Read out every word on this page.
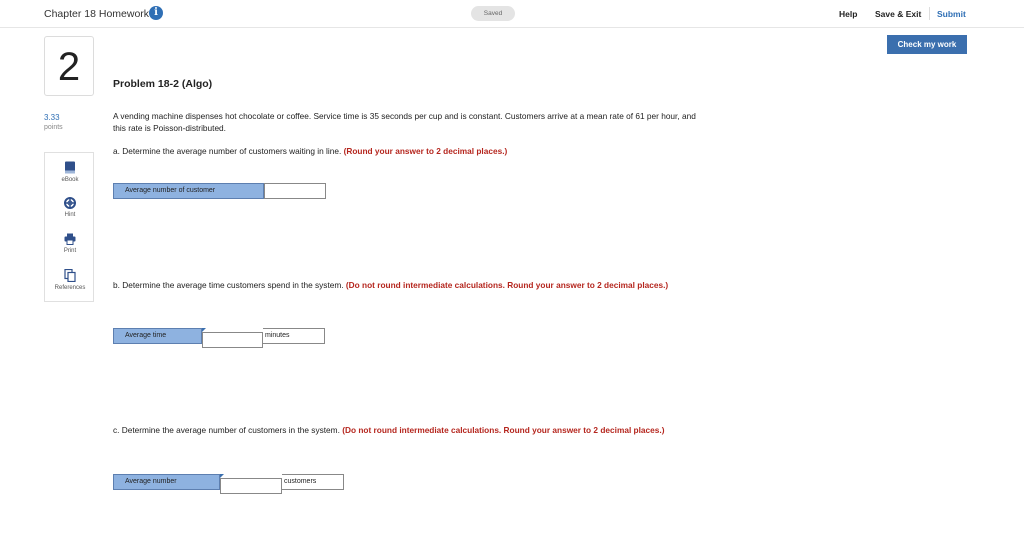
Chapter 18 Homework i	Saved	Help Save & Exit Submit
Check my work
2
3.33
points
eBook
Hint
Print
References
Problem 18-2 (Algo)
A vending machine dispenses hot chocolate or coffee. Service time is 35 seconds per cup and is constant. Customers arrive at a mean rate of 61 per hour, and this rate is Poisson-distributed.
a. Determine the average number of customers waiting in line. (Round your answer to 2 decimal places.)
Average number of customer
b. Determine the average time customers spend in the system. (Do not round intermediate calculations. Round your answer to 2 decimal places.)
Average time	minutes
c. Determine the average number of customers in the system. (Do not round intermediate calculations. Round your answer to 2 decimal places.)
Average number	customers
